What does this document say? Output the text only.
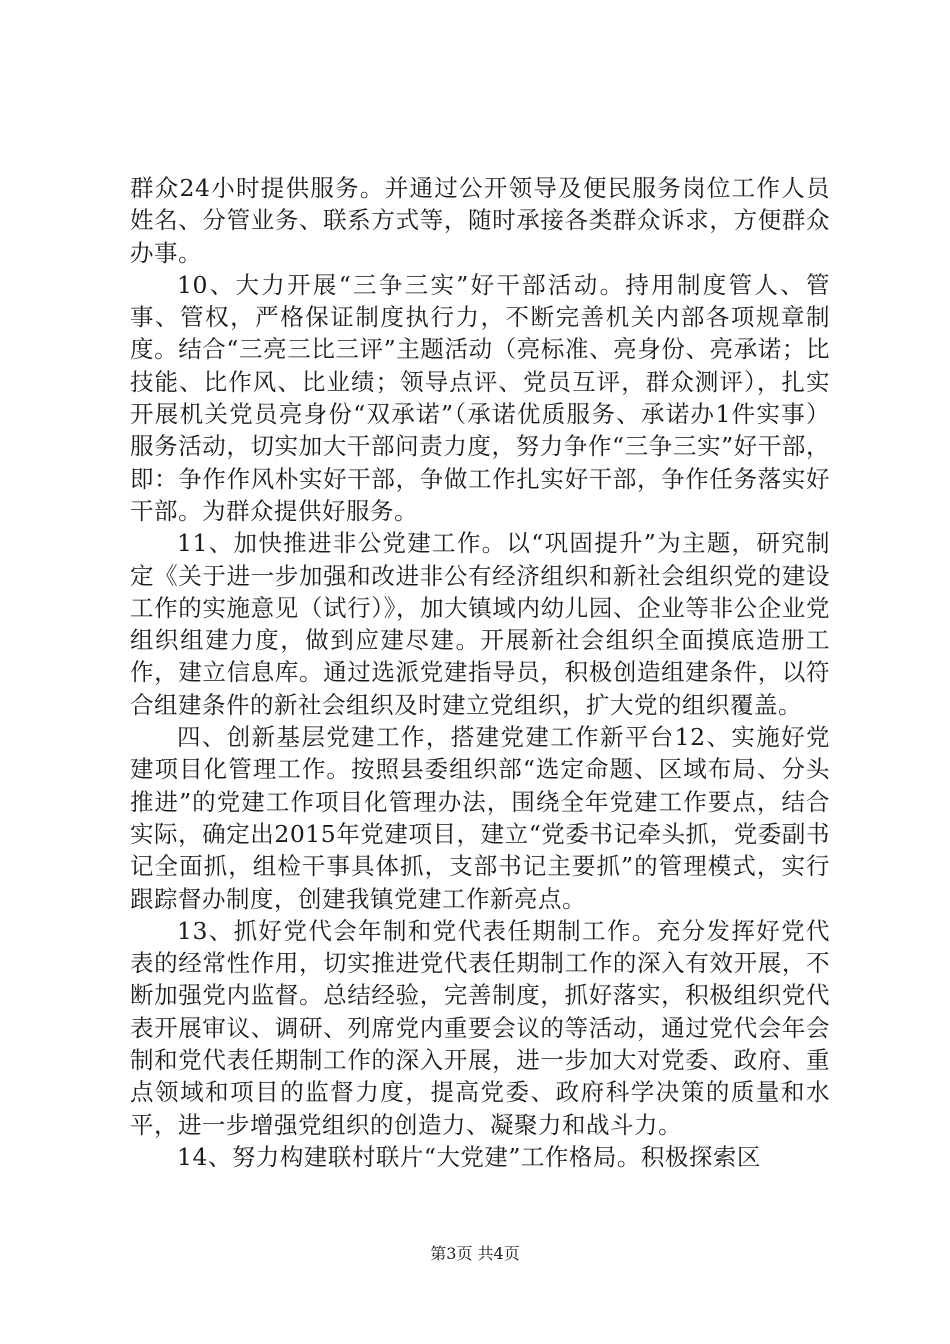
群众24小时提供服务。并通过公开领导及便民服务岗位工作人员姓名、分管业务、联系方式等，随时承接各类群众诉求，方便群众办事。

10、大力开展“三争三实”好干部活动。持用制度管人、管事、管权，严格保证制度执行力，不断完善机关内部各项规章制度。结合“三亮三比三评”主题活动（亮标准、亮身份、亮承诺；比技能、比作风、比业绩；领导点评、党员互评，群众测评），扎实开展机关党员亮身份“双承诺”（承诺优质服务、承诺办1件实事）服务活动，切实加大干部问责力度，努力争作“三争三实”好干部，即：争作作风朴实好干部，争做工作扎实好干部，争作任务落实好干部。为群众提供好服务。

11、加快推进非公党建工作。以“巩固提升”为主题，研究制定《关于进一步加强和改进非公有经济组织和新社会组织党的建设工作的实施意见（试行）》，加大镇域内幼儿园、企业等非公企业党组织组建力度，做到应建尽建。开展新社会组织全面摸底造册工作，建立信息库。通过选派党建指导员，积极创造组建条件，以符合组建条件的新社会组织及时建立党组织，扩大党的组织覆盖。

四、创新基层党建工作，搭建党建工作新平台12、实施好党建项目化管理工作。按照县委组织部“选定命题、区域布局、分头推进”的党建工作项目化管理办法，围绕全年党建工作要点，结合实际，确定出2015年党建项目，建立“党委书记牵头抓，党委副书记全面抓，组检干事具体抓，支部书记主要抓”的管理模式，实行跟踪督办制度，创建我镇党建工作新亮点。

13、抓好党代会年制和党代表任期制工作。充分发挥好党代表的经常性作用，切实推进党代表任期制工作的深入有效开展，不断加强党内监督。总结经验，完善制度，抓好落实，积极组织党代表开展审议、调研、列席党内重要会议的等活动，通过党代会年会制和党代表任期制工作的深入开展，进一步加大对党委、政府、重点领域和项目的监督力度，提高党委、政府科学决策的质量和水平，进一步增强党组织的创造力、凝聚力和战斗力。

14、努力构建联村联片“大党建”工作格局。积极探索区

第3页 共4页
